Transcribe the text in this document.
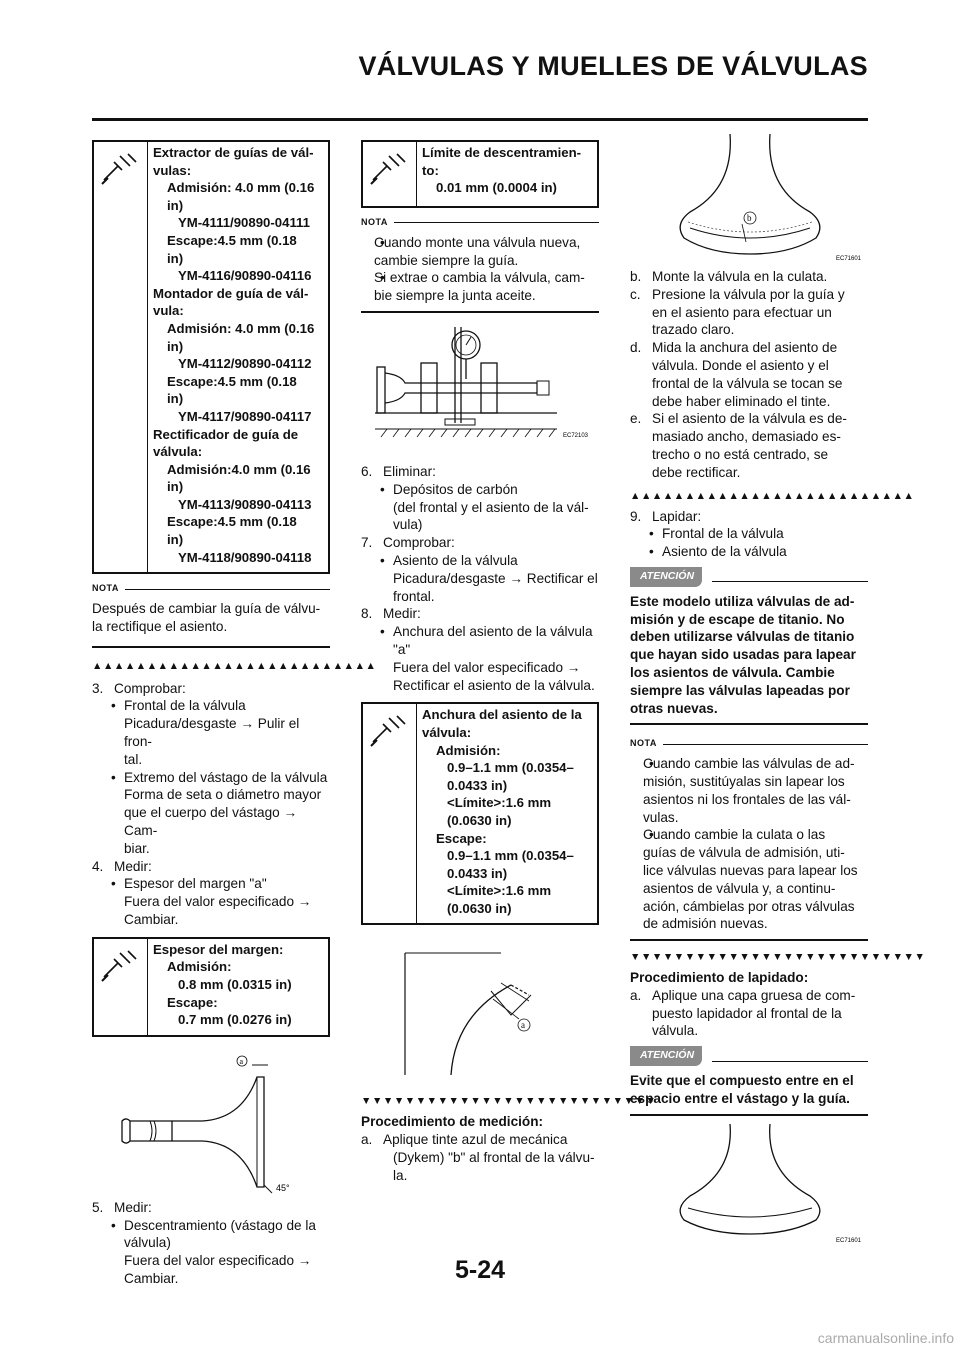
VÁLVULAS Y MUELLES DE VÁLVULAS
Extractor de guías de vál-
vulas:
Admisión: 4.0 mm (0.16
in)
YM-4111/90890-04111
Escape:4.5 mm (0.18
in)
YM-4116/90890-04116
Montador de guía de vál-
vula:
Admisión: 4.0 mm (0.16
in)
YM-4112/90890-04112
Escape:4.5 mm (0.18
in)
YM-4117/90890-04117
Rectificador de guía de
válvula:
Admisión:4.0 mm (0.16
in)
YM-4113/90890-04113
Escape:4.5 mm (0.18
in)
YM-4118/90890-04118
NOTA
Después de cambiar la guía de válvu-
la rectifique el asiento.
▲▲▲▲▲▲▲▲▲▲▲▲▲▲▲▲▲▲▲▲▲▲▲▲▲▲
3. Comprobar:
• Frontal de la válvula
Picadura/desgaste → Pulir el fron-
tal.
• Extremo del vástago de la válvula
Forma de seta o diámetro mayor
que el cuerpo del vástago → Cam-
biar.
4. Medir:
• Espesor del margen "a"
Fuera del valor especificado →
Cambiar.
Espesor del margen:
Admisión:
0.8 mm (0.0315 in)
Escape:
0.7 mm (0.0276 in)
a
45°
5. Medir:
• Descentramiento (vástago de la
válvula)
Fuera del valor especificado →
Cambiar.
Límite de descentramien-
to:
0.01 mm (0.0004 in)
NOTA
• Cuando monte una válvula nueva,
cambie siempre la guía.
• Si extrae o cambia la válvula, cam-
bie siempre la junta aceite.
EC72103
6. Eliminar:
• Depósitos de carbón
(del frontal y el asiento de la vál-
vula)
7. Comprobar:
• Asiento de la válvula
Picadura/desgaste → Rectificar el
frontal.
8. Medir:
• Anchura del asiento de la válvula
"a"
Fuera del valor especificado →
Rectificar el asiento de la válvula.
Anchura del asiento de la
válvula:
Admisión:
0.9–1.1 mm (0.0354–
0.0433 in)
<Límite>:1.6 mm
(0.0630 in)
Escape:
0.9–1.1 mm (0.0354–
0.0433 in)
<Límite>:1.6 mm
(0.0630 in)
a
▼▼▼▼▼▼▼▼▼▼▼▼▼▼▼▼▼▼▼▼▼▼▼▼▼▼▼
Procedimiento de medición:
a. Aplique tinte azul de mecánica
(Dykem) "b" al frontal de la válvu-
la.
b
EC71601
b. Monte la válvula en la culata.
c. Presione la válvula por la guía y
en el asiento para efectuar un
trazado claro.
d. Mida la anchura del asiento de
válvula. Donde el asiento y el
frontal de la válvula se tocan se
debe haber eliminado el tinte.
e. Si el asiento de la válvula es de-
masiado ancho, demasiado es-
trecho o no está centrado, se
debe rectificar.
▲▲▲▲▲▲▲▲▲▲▲▲▲▲▲▲▲▲▲▲▲▲▲▲▲▲
9. Lapidar:
• Frontal de la válvula
• Asiento de la válvula
ATENCIÓN
Este modelo utiliza válvulas de ad-
misión y de escape de titanio. No
deben utilizarse válvulas de titanio
que hayan sido usadas para lapear
los asientos de válvula. Cambie
siempre las válvulas lapeadas por
otras nuevas.
NOTA
• Cuando cambie las válvulas de ad-
misión, sustitúyalas sin lapear los
asientos ni los frontales de las vál-
vulas.
• Cuando cambie la culata o las
guías de válvula de admisión, uti-
lice válvulas nuevas para lapear los
asientos de válvula y, a continu-
ación, cámbielas por otras válvulas
de admisión nuevas.
▼▼▼▼▼▼▼▼▼▼▼▼▼▼▼▼▼▼▼▼▼▼▼▼▼▼▼
Procedimiento de lapidado:
a. Aplique una capa gruesa de com-
puesto lapidador al frontal de la
válvula.
ATENCIÓN
Evite que el compuesto entre en el
espacio entre el vástago y la guía.
EC71601
5-24
carmanualsonline.info
